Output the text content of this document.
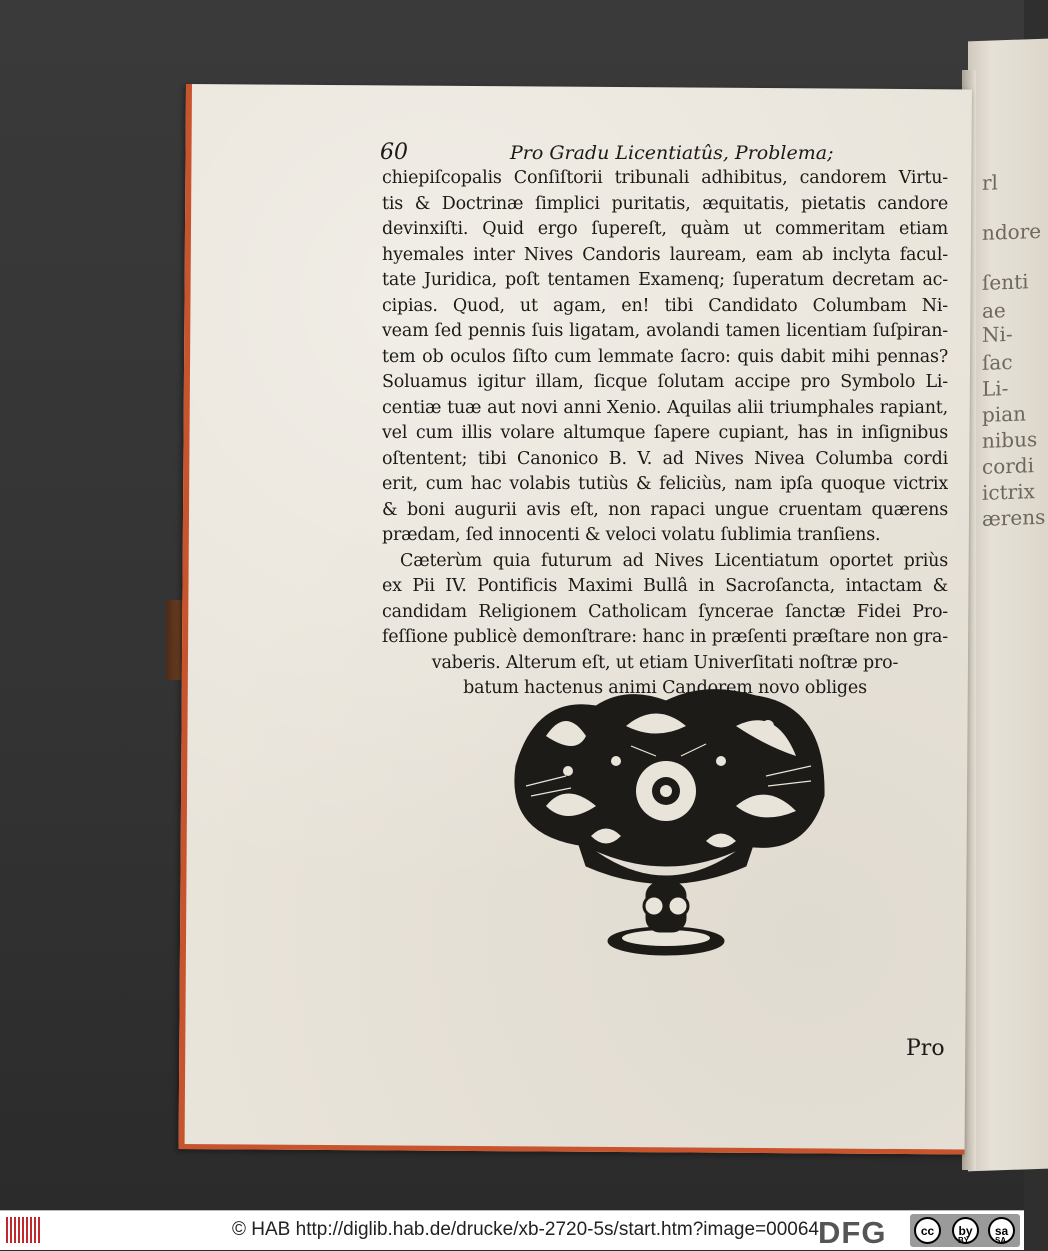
rl
ndore
ſenti
ae
Ni-
ſac
Li-
pian
nibus
cordi
ictrix
ærens
60	Pro Gradu Licentiatûs, Problema;
chiepiſcopalis Conſiſtorii tribunali adhibitus, candorem Virtu-
tis & Doctrinæ ſimplici puritatis, æquitatis, pietatis candore
devinxiſti. Quid ergo ſupereſt, quàm ut commeritam etiam
hyemales inter Nives Candoris lauream, eam ab inclyta facul-
tate Juridica, poſt tentamen Examenq; ſuperatum decretam ac-
cipias. Quod, ut agam, en! tibi Candidato Columbam Ni-
veam ſed pennis ſuis ligatam, avolandi tamen licentiam ſuſpiran-
tem ob oculos ſiſto cum lemmate ſacro: quis dabit mihi pennas?
Soluamus igitur illam, ſicque ſolutam accipe pro Symbolo Li-
centiæ tuæ aut novi anni Xenio. Aquilas alii triumphales rapiant,
vel cum illis volare altumque ſapere cupiant, has in inſignibus
oſtentent; tibi Canonico B. V. ad Nives Nivea Columba cordi
erit, cum hac volabis tutiùs & feliciùs, nam ipſa quoque victrix
& boni augurii avis eſt, non rapaci ungue cruentam quærens
prædam, ſed innocenti & veloci volatu ſublimia tranſiens.
Cæterùm quia futurum ad Nives Licentiatum oportet priùs
ex Pii IV. Pontificis Maximi Bullâ in Sacroſancta, intactam &
candidam Religionem Catholicam ſyncerae ſanctæ Fidei Pro-
feſſione publicè demonſtrare: hanc in præſenti præſtare non gra-
vaberis. Alterum eſt, ut etiam Univerſitati noſtræ pro-
batum hactenus animi Candorem novo obliges
Pro
© HAB http://diglib.hab.de/drucke/xb-2720-5s/start.htm?image=00064 DFG	cc	by	sa
BY	SA
